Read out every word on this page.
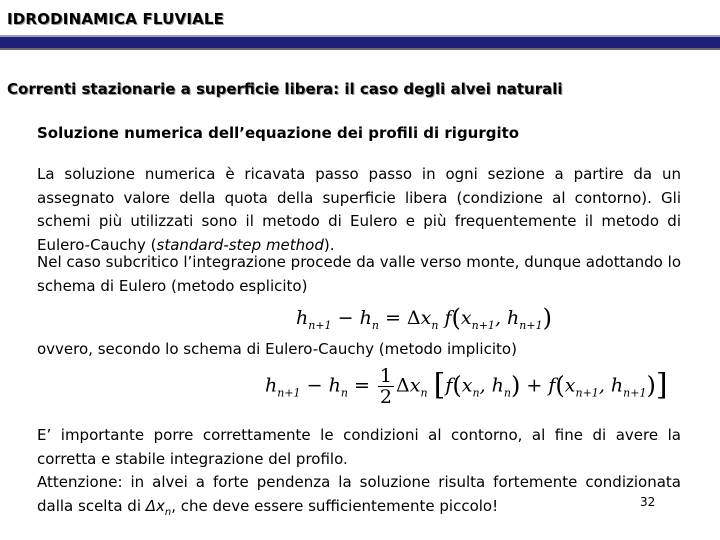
IDRODINAMICA FLUVIALE
Correnti stazionarie a superficie libera: il caso degli alvei naturali
Soluzione numerica dell’equazione dei profili di rigurgito
La soluzione numerica è ricavata passo passo in ogni sezione a partire da un assegnato valore della quota della superficie libera (condizione al contorno). Gli schemi più utilizzati sono il metodo di Eulero e più frequentemente il metodo di Eulero-Cauchy (standard-step method).
Nel caso subcritico l’integrazione procede da valle verso monte, dunque adottando lo schema di Eulero (metodo esplicito)
$h_{n+1} - h_n = \Delta x_n$ $f(x_{n+1}$, $h_{n+1}$)
ovvero, secondo lo schema di Eulero-Cauchy (metodo implicito)
$h_{n+1} - h_n = \frac{1}{2} \Delta x_n$ [$f(x_n$, $h_n) + f(x_{n+1}$, $h_{n+1}$)]
E’ importante porre correttamente le condizioni al contorno, al fine di avere la corretta e stabile integrazione del profilo.
Attenzione: in alvei a forte pendenza la soluzione risulta fortemente condizionata dalla scelta di $\Delta x_n$, che deve essere sufficientemente piccolo!	32
